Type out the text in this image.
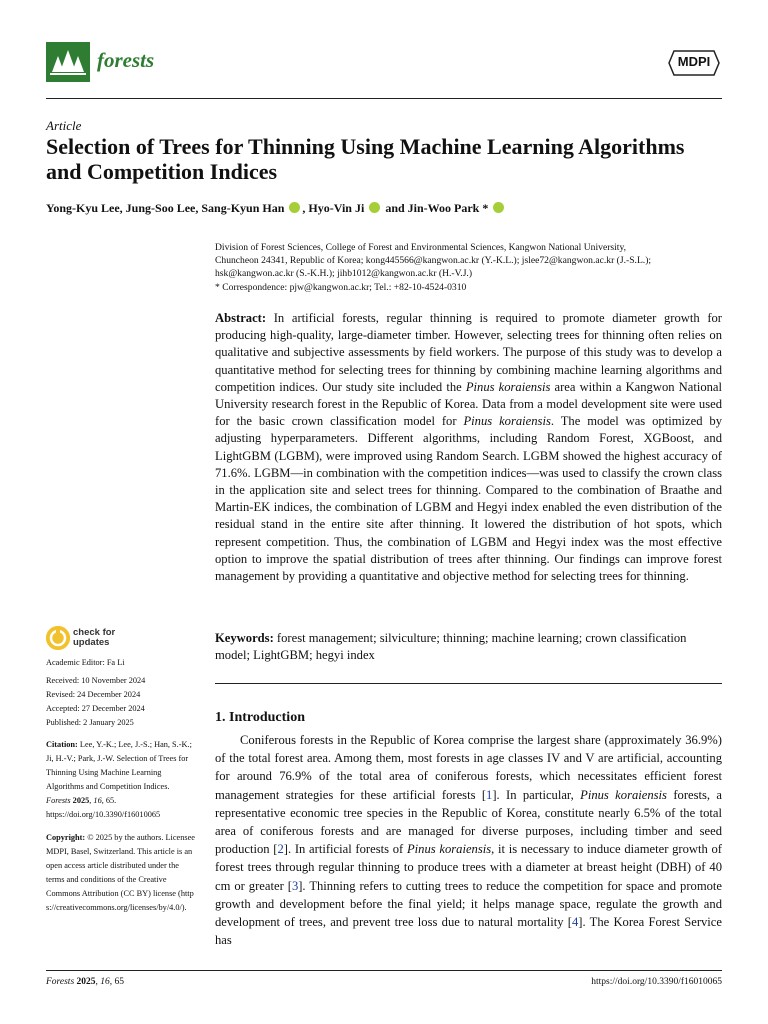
forests	MDPI
Article
Selection of Trees for Thinning Using Machine Learning Algorithms and Competition Indices
Yong-Kyu Lee, Jung-Soo Lee, Sang-Kyun Han , Hyo-Vin Ji  and Jin-Woo Park *
Division of Forest Sciences, College of Forest and Environmental Sciences, Kangwon National University,
Chuncheon 24341, Republic of Korea; kong445566@kangwon.ac.kr (Y.-K.L.); jslee72@kangwon.ac.kr (J.-S.L.);
hsk@kangwon.ac.kr (S.-K.H.); jihb1012@kangwon.ac.kr (H.-V.J.)
* Correspondence: pjw@kangwon.ac.kr; Tel.: +82-10-4524-0310
Abstract: In artificial forests, regular thinning is required to promote diameter growth for producing high-quality, large-diameter timber. However, selecting trees for thinning often relies on qualitative and subjective assessments by field workers. The purpose of this study was to develop a quantitative method for selecting trees for thinning by combining machine learning algorithms and competition indices. Our study site included the Pinus koraiensis area within a Kangwon National University research forest in the Republic of Korea. Data from a model development site were used for the basic crown classification model for Pinus koraiensis. The model was optimized by adjusting hyperparameters. Different algorithms, including Random Forest, XGBoost, and LightGBM (LGBM), were improved using Random Search. LGBM showed the highest accuracy of 71.6%. LGBM—in combination with the competition indices—was used to classify the crown class in the application site and select trees for thinning. Compared to the combination of Braathe and Martin-EK indices, the combination of LGBM and Hegyi index enabled the even distribution of the residual stand in the entire site after thinning. It lowered the distribution of hot spots, which represent competition. Thus, the combination of LGBM and Hegyi index was the most effective option to improve the spatial distribution of trees after thinning. Our findings can improve forest management by providing a quantitative and objective method for selecting trees for thinning.
Keywords: forest management; silviculture; thinning; machine learning; crown classification model; LightGBM; hegyi index
1. Introduction
Coniferous forests in the Republic of Korea comprise the largest share (approximately 36.9%) of the total forest area. Among them, most forests in age classes IV and V are artificial, accounting for around 76.9% of the total area of coniferous forests, which necessitates efficient forest management strategies for these artificial forests [1]. In particular, Pinus koraiensis forests, a representative economic tree species in the Republic of Korea, constitute nearly 6.5% of the total area of coniferous forests and are managed for diverse purposes, including timber and seed production [2]. In artificial forests of Pinus koraiensis, it is necessary to induce diameter growth of forest trees through regular thinning to produce trees with a diameter at breast height (DBH) of 40 cm or greater [3]. Thinning refers to cutting trees to reduce the competition for space and promote growth and development before the final yield; it helps manage space, regulate the growth and development of trees, and prevent tree loss due to natural mortality [4]. The Korea Forest Service has
check for
updates
Academic Editor: Fa Li
Received: 10 November 2024
Revised: 24 December 2024
Accepted: 27 December 2024
Published: 2 January 2025
Citation: Lee, Y.-K.; Lee, J.-S.; Han, S.-K.; Ji, H.-V.; Park, J.-W. Selection of Trees for Thinning Using Machine Learning Algorithms and Competition Indices. Forests 2025, 16, 65. https://doi.org/10.3390/f16010065
Copyright: © 2025 by the authors. Licensee MDPI, Basel, Switzerland. This article is an open access article distributed under the terms and conditions of the Creative Commons Attribution (CC BY) license (https://creativecommons.org/licenses/by/4.0/).
Forests 2025, 16, 65	https://doi.org/10.3390/f16010065
